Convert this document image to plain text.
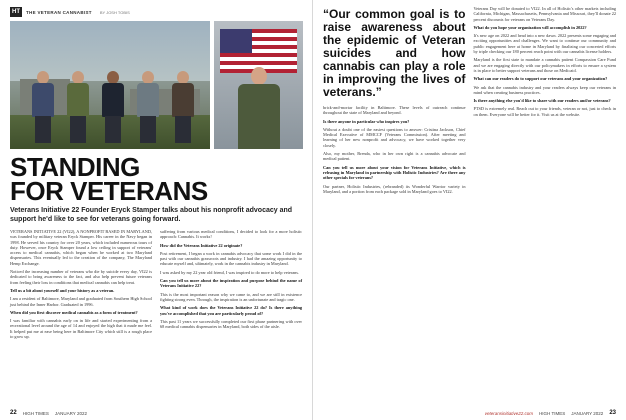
HT	THE VETERAN CANNABIST BY JOSH TOBIS
STANDING
FOR VETERANS
Veterans Initiative 22 Founder Eryck Stamper talks about his nonprofit advocacy and support he'd like to see for veterans going forward.

VETERANS INITIATIVE 22 (VI22), A NONPROFIT BASED IN MARYLAND, was founded by military veteran Eryck Stamper. His career in the Navy began in 1998. He served his country for over 20 years, which included numerous tours of duty. However, once Eryck Stamper found a low ceiling in support of veterans' access to medical cannabis, which began when he worked at two Maryland dispensaries. This eventually led to the creation of the company, The Maryland Hemp Exchange.

Noticed the increasing number of veterans who die by suicide every day, VI22 is dedicated to bring awareness to the fact, and also help prevent future veterans from feeling their loss in conditions that medical cannabis can help treat.

Tell us a bit about yourself and your history as a veteran.

I am a resident of Baltimore, Maryland and graduated from Southern High School just behind the Inner Harbor. Graduated in 1996.

When did you first discover medical cannabis as a form of treatment?

I was familiar with cannabis early on in life and started experimenting from a recreational level around the age of 14 and enjoyed the high that it made me feel. It helped put me at ease being here in Baltimore City which still is a rough place to grow up.

suffering from various medical conditions, I decided to look for a more holistic approach: Cannabis. It works!

How did the Veterans Initiative 22 originate?

Post retirement, I began a work in cannabis advocacy that some work I did in the past with our cannabis grassroots and industry. I had the amazing opportunity to educate myself and, ultimately, work in the cannabis industry in Maryland.

I was asked by my 22 year old friend, I was inspired to do more to help veterans.

Can you tell us more about the inspiration and purpose behind the name of Veterans Initiative 22?

This is the most important reason why we came to, and we are still in existence fighting strong even. Through, the inspiration is an unfortunate and tragic one.

What kind of work does the Veterans Initiative 22 do? Is there anything you've accomplished that you are particularly proud of?

This past 11 years we successfully completed our first phase partnering with over 68 medical cannabis dispensaries in Maryland, both sides of the aisle.

22 HIGH TIMES JANUARY 2022
“ Our common goal is to raise awareness about the epidemic of Veteran suicides and how cannabis can play a role in improving the lives of veterans. ”

brick-and-mortar facility in Baltimore. These levels of outreach continue throughout the state of Maryland and beyond.

Is there anyone in particular who inspires you?

Without a doubt one of the easiest questions to answer: Cristina Jackson, Chief Medical Executive of MMCCF (Veterans Commission). After meeting and learning of her new nonprofit and advocacy, we have worked together very closely.

Also, my mother, Brenda, who in her own right is a cannabis advocate and medical patient.

Can you tell us more about your vision for Veterans Initiative, which is releasing in Maryland in partnership with Holistic Industries? Are there any other specials for veterans?

Our partner, Holistic Industries, (rebranded) its Wonderful Warrior variety in Maryland, and a portion from each package sold in Maryland goes to VI22.

Veterans Day will be donated to VI22. In all of Holistic's other markets including California, Michigan, Massachusetts, Pennsylvania and Missouri, they'll donate 22 percent discounts for veterans on Veterans Day.

What do you hope your organization will accomplish in 2022?

It's new age on 2022 and head into a new dawn. 2022 presents some engaging and exciting opportunities and challenges. We want to continue our community and public engagement here at home in Maryland by finalizing our concerted efforts by triple checking our 180 percent reach point with our cannabis license holders.

Maryland is the first state to mandate a cannabis patient Compassion Care Fund and we are engaging directly with our policymakers in efforts to ensure a system is in place to better support veterans and those on Medicaid.

What can our readers do to support our veterans and your organization?

We ask that the cannabis industry and your readers always keep our veterans in mind when creating business practices.

Is there anything else you'd like to share with our readers and/or veterans?

PTSD is extremely real. Reach out to your friends, veteran or not, just to check in on them. Everyone will be better for it. Visit us at the website.

veteransinitiative22.com HIGH TIMES JANUARY 2022 23
